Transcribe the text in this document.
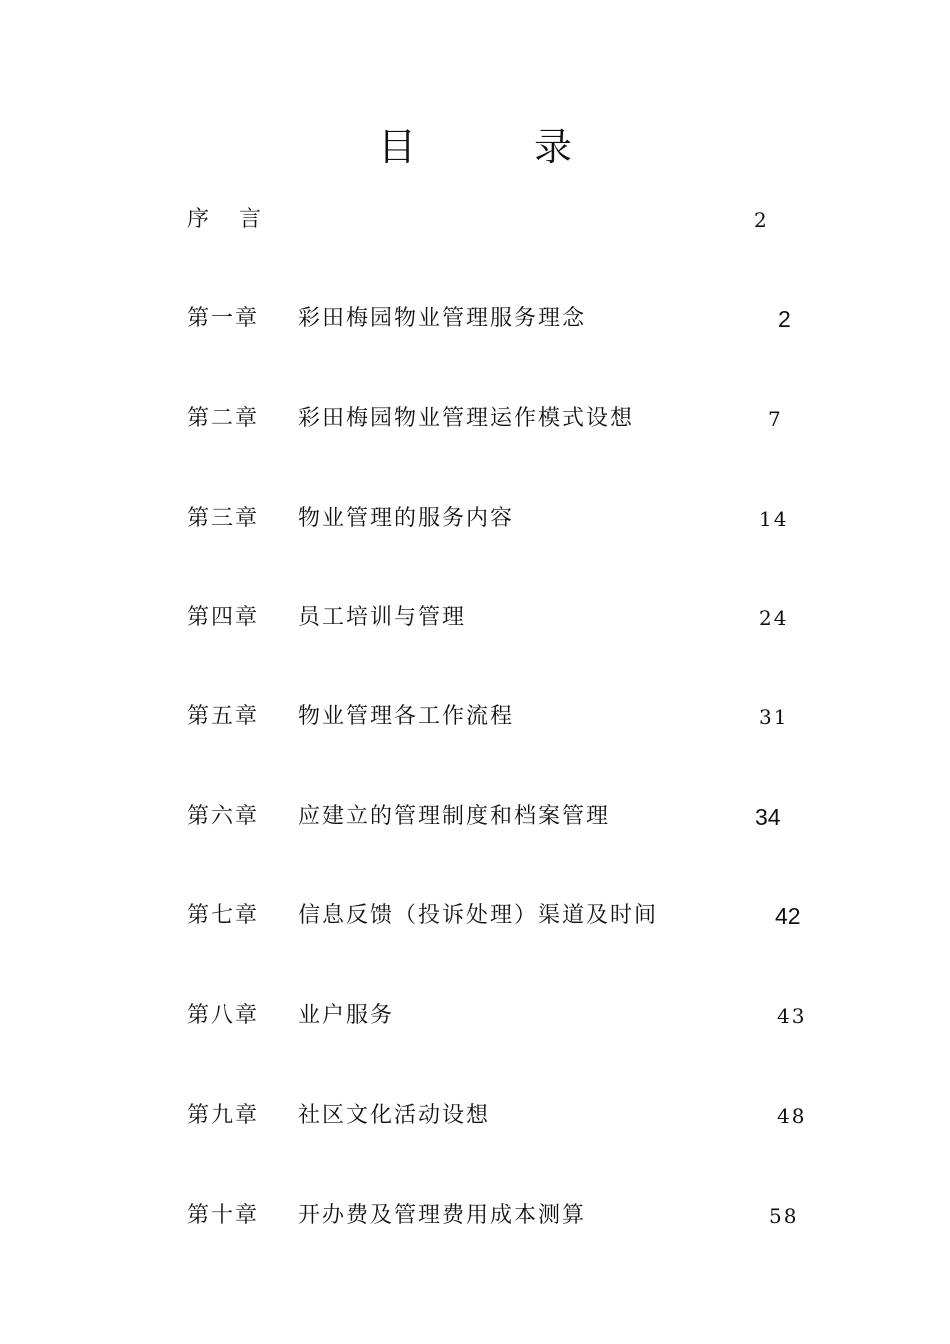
目　录
序言	2
第一章 彩田梅园物业管理服务理念	2
第二章 彩田梅园物业管理运作模式设想	7
第三章 物业管理的服务内容	14
第四章 员工培训与管理	24
第五章 物业管理各工作流程	31
第六章 应建立的管理制度和档案管理	34
第七章 信息反馈（投诉处理）渠道及时间	42
第八章 业户服务	43
第九章 社区文化活动设想	48
第十章 开办费及管理费用成本测算	58
